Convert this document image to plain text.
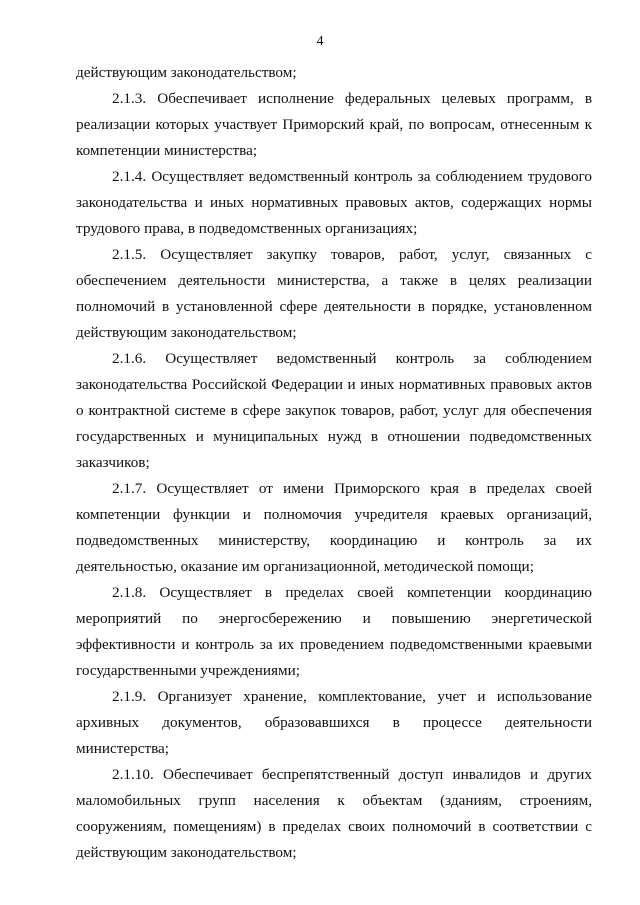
4

действующим законодательством;

2.1.3. Обеспечивает исполнение федеральных целевых программ, в реализации которых участвует Приморский край, по вопросам, отнесенным к компетенции министерства;

2.1.4. Осуществляет ведомственный контроль за соблюдением трудового законодательства и иных нормативных правовых актов, содержащих нормы трудового права, в подведомственных организациях;

2.1.5. Осуществляет закупку товаров, работ, услуг, связанных с обеспечением деятельности министерства, а также в целях реализации полномочий в установленной сфере деятельности в порядке, установленном действующим законодательством;

2.1.6. Осуществляет ведомственный контроль за соблюдением законодательства Российской Федерации и иных нормативных правовых актов о контрактной системе в сфере закупок товаров, работ, услуг для обеспечения государственных и муниципальных нужд в отношении подведомственных заказчиков;

2.1.7. Осуществляет от имени Приморского края в пределах своей компетенции функции и полномочия учредителя краевых организаций, подведомственных министерству, координацию и контроль за их деятельностью, оказание им организационной, методической помощи;

2.1.8. Осуществляет в пределах своей компетенции координацию мероприятий по энергосбережению и повышению энергетической эффективности и контроль за их проведением подведомственными краевыми государственными учреждениями;

2.1.9. Организует хранение, комплектование, учет и использование архивных документов, образовавшихся в процессе деятельности министерства;

2.1.10. Обеспечивает беспрепятственный доступ инвалидов и других маломобильных групп населения к объектам (зданиям, строениям, сооружениям, помещениям) в пределах своих полномочий в соответствии с действующим законодательством;
